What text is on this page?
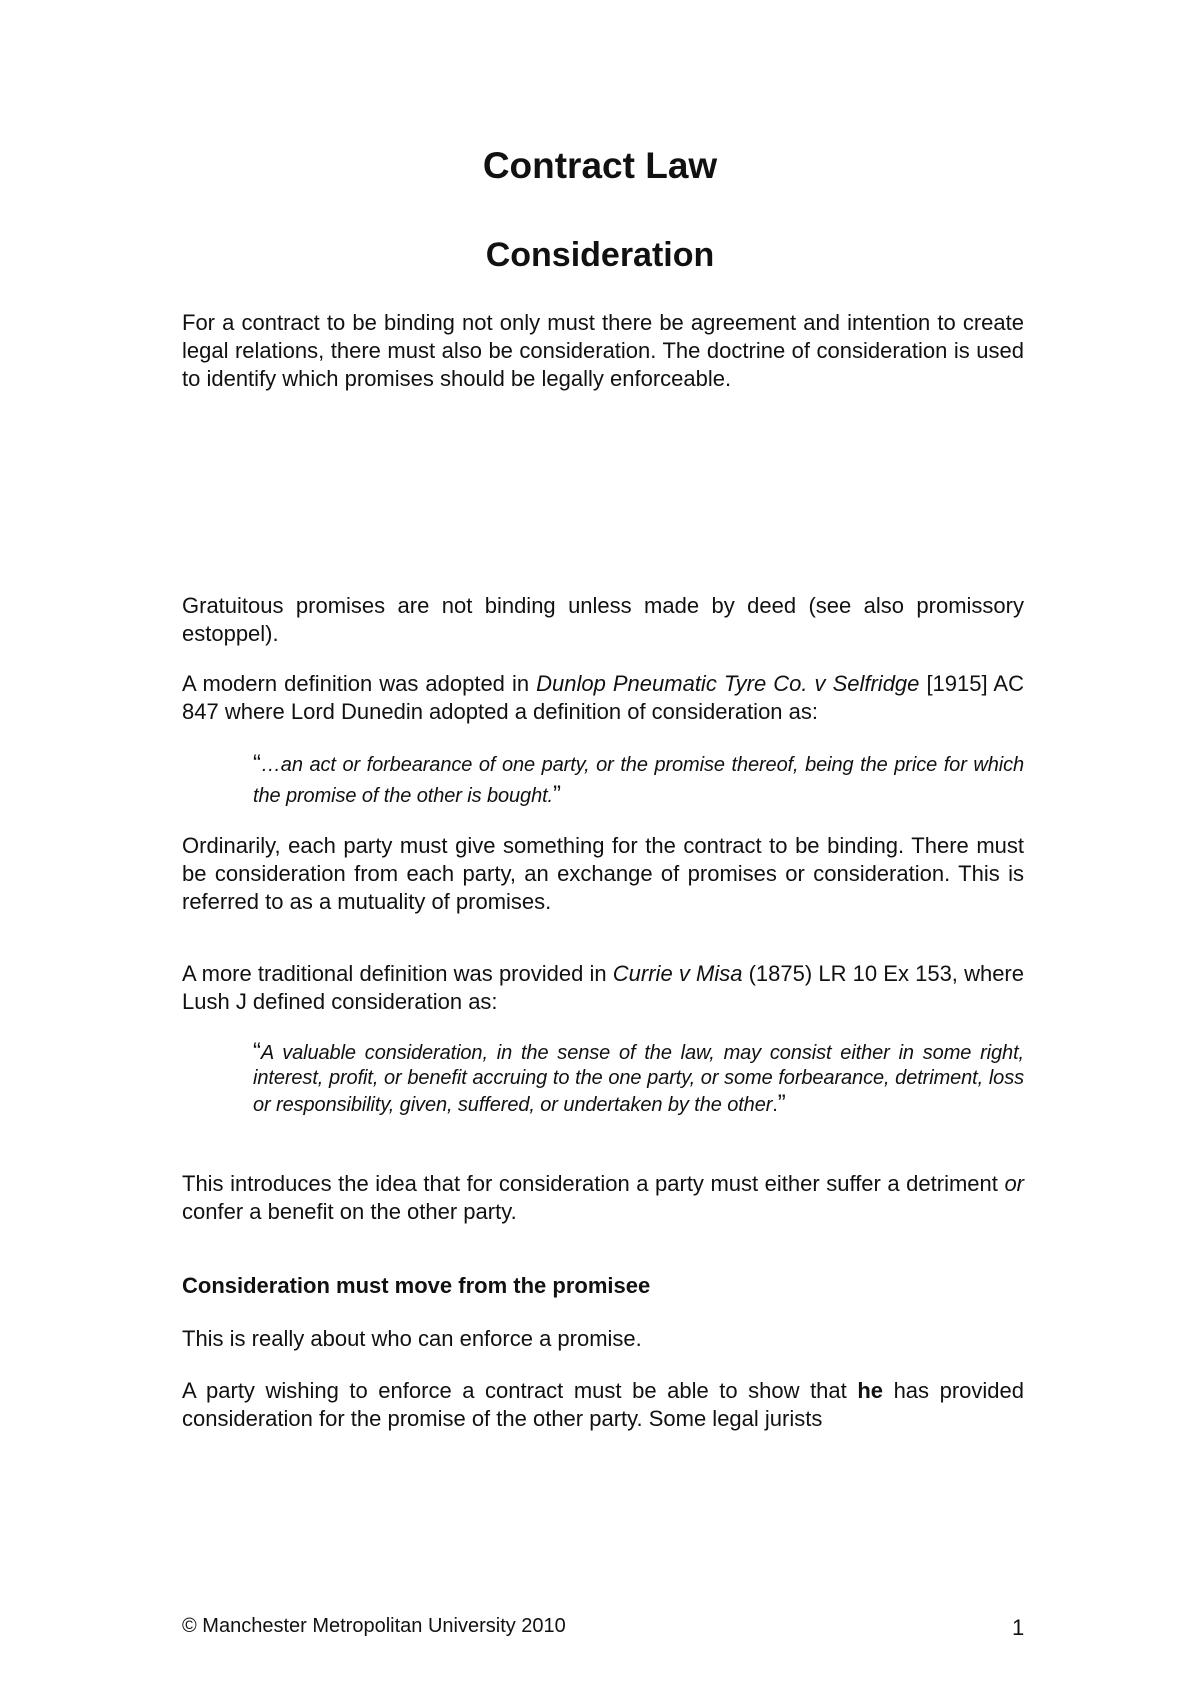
Contract Law
Consideration

For a contract to be binding not only must there be agreement and intention to create legal relations, there must also be consideration. The doctrine of consideration is used to identify which promises should be legally enforceable.

Gratuitous promises are not binding unless made by deed (see also promissory estoppel).

A modern definition was adopted in Dunlop Pneumatic Tyre Co. v Selfridge [1915] AC 847 where Lord Dunedin adopted a definition of consideration as:

“…an act or forbearance of one party, or the promise thereof, being the price for which the promise of the other is bought.”

Ordinarily, each party must give something for the contract to be binding. There must be consideration from each party, an exchange of promises or consideration. This is referred to as a mutuality of promises.

A more traditional definition was provided in Currie v Misa (1875) LR 10 Ex 153, where Lush J defined consideration as:

“A valuable consideration, in the sense of the law, may consist either in some right, interest, profit, or benefit accruing to the one party, or some forbearance, detriment, loss or responsibility, given, suffered, or undertaken by the other.”

This introduces the idea that for consideration a party must either suffer a detriment or confer a benefit on the other party.

Consideration must move from the promisee

This is really about who can enforce a promise.

A party wishing to enforce a contract must be able to show that he has provided consideration for the promise of the other party. Some legal jurists

© Manchester Metropolitan University 2010	1
